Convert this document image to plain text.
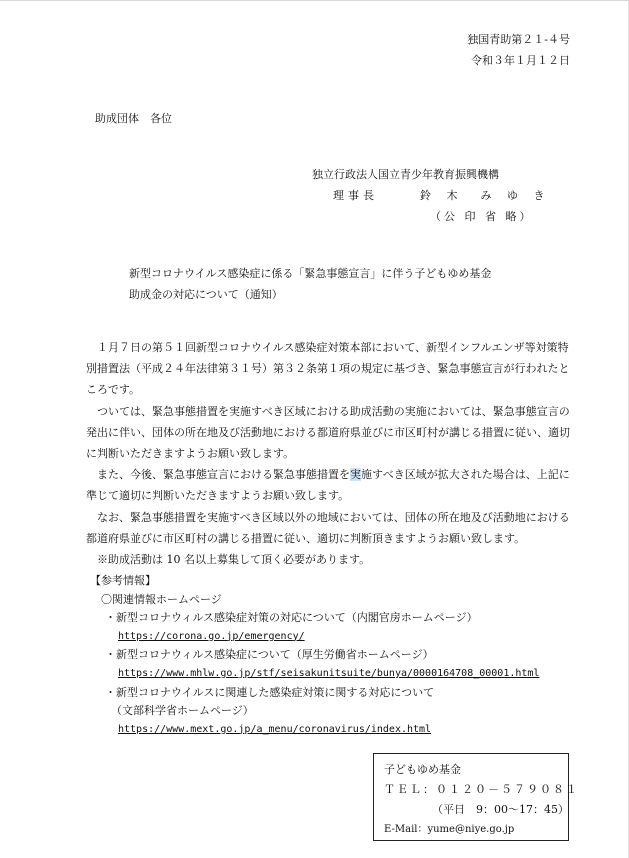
独国青助第２１-４号
令和３年１月１２日
助成団体　各位
独立行政法人国立青少年教育振興機構
理事長	鈴 木　み ゆ き
（公 印 省 略）
新型コロナウイルス感染症に係る「緊急事態宣言」に伴う子どもゆめ基金
助成金の対応について（通知）

１月７日の第５１回新型コロナウイルス感染症対策本部において、新型インフルエンザ等対策特別措置法（平成２４年法律第３１号）第３２条第１項の規定に基づき、緊急事態宣言が行われたところです。

ついては、緊急事態措置を実施すべき区域における助成活動の実施においては、緊急事態宣言の発出に伴い、団体の所在地及び活動地における都道府県並びに市区町村が講じる措置に従い、適切に判断いただきますようお願い致します。

また、今後、緊急事態宣言における緊急事態措置を実施すべき区域が拡大された場合は、上記に準じて適切に判断いただきますようお願い致します。

なお、緊急事態措置を実施すべき区域以外の地域においては、団体の所在地及び活動地における都道府県並びに市区町村の講じる措置に従い、適切に判断頂きますようお願い致します。

※助成活動は 10 名以上募集して頂く必要があります。

【参考情報】

〇関連情報ホームページ

・新型コロナウィルス感染症対策の対応について（内閣官房ホームページ）

https://corona.go.jp/emergency/

・新型コロナウィルス感染症について（厚生労働省ホームページ）

https://www.mhlw.go.jp/stf/seisakunitsuite/bunya/0000164708_00001.html

・新型コロナウイルスに関連した感染症対策に関する対応について

（文部科学省ホームページ）

https://www.mext.go.jp/a_menu/coronavirus/index.html

子どもゆめ基金

ＴＥＬ：０１２０－５７９０８１

（平日　9：00～17：45）

E-Mail：yume@niye.go.jp
